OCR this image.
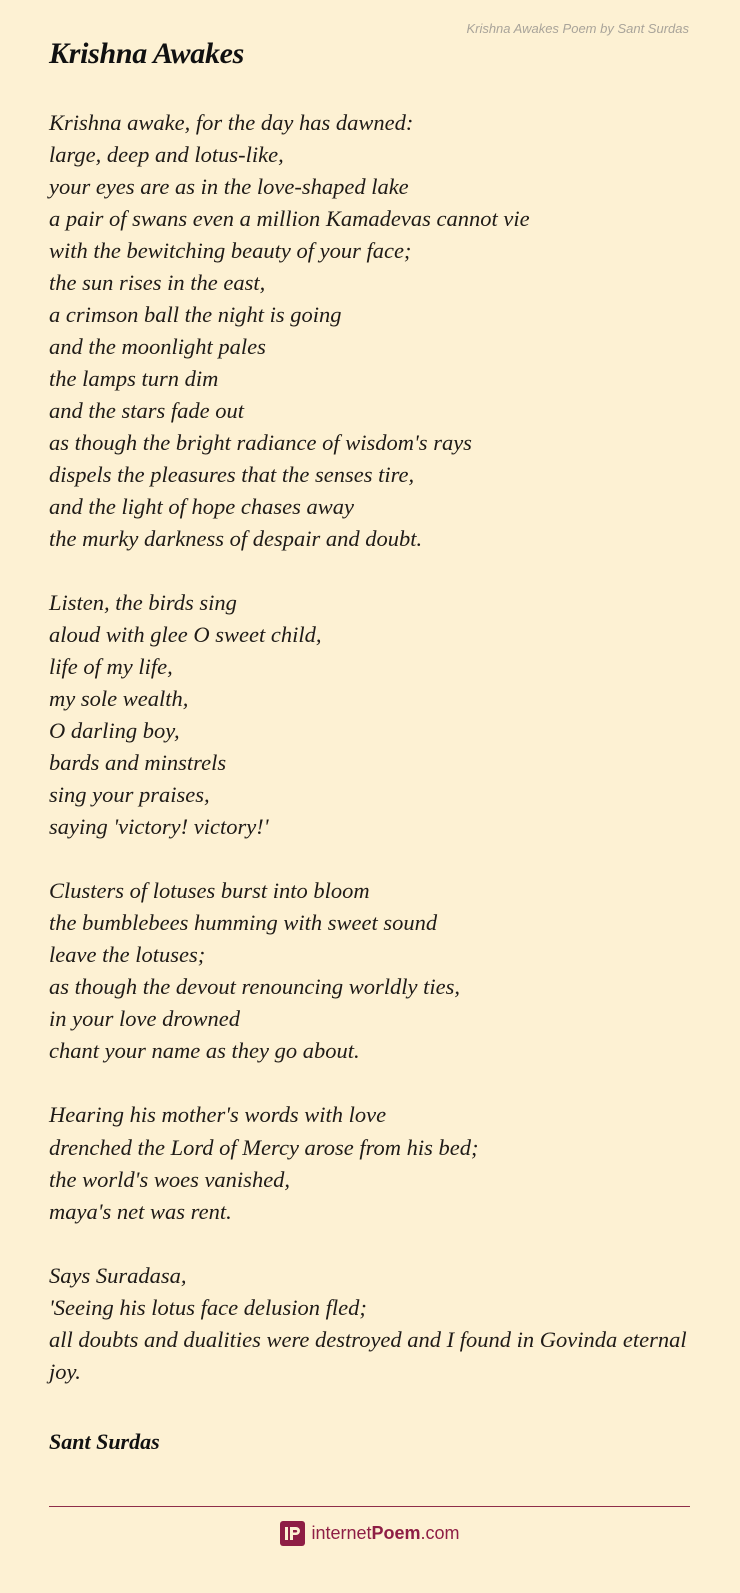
Krishna Awakes Poem by Sant Surdas
Krishna Awakes
Krishna awake, for the day has dawned:
large, deep and lotus-like,
your eyes are as in the love-shaped lake
a pair of swans even a million Kamadevas cannot vie
with the bewitching beauty of your face;
the sun rises in the east,
a crimson ball the night is going
and the moonlight pales
the lamps turn dim
and the stars fade out
as though the bright radiance of wisdom's rays
dispels the pleasures that the senses tire,
and the light of hope chases away
the murky darkness of despair and doubt.
Listen, the birds sing
aloud with glee O sweet child,
life of my life,
my sole wealth,
O darling boy,
bards and minstrels
sing your praises,
saying 'victory! victory!'
Clusters of lotuses burst into bloom
the bumblebees humming with sweet sound
leave the lotuses;
as though the devout renouncing worldly ties,
in your love drowned
chant your name as they go about.
Hearing his mother's words with love
drenched the Lord of Mercy arose from his bed;
the world's woes vanished,
maya's net was rent.
Says Suradasa,
'Seeing his lotus face delusion fled;
all doubts and dualities were destroyed and I found in Govinda eternal
joy.
Sant Surdas
internetPoem.com
